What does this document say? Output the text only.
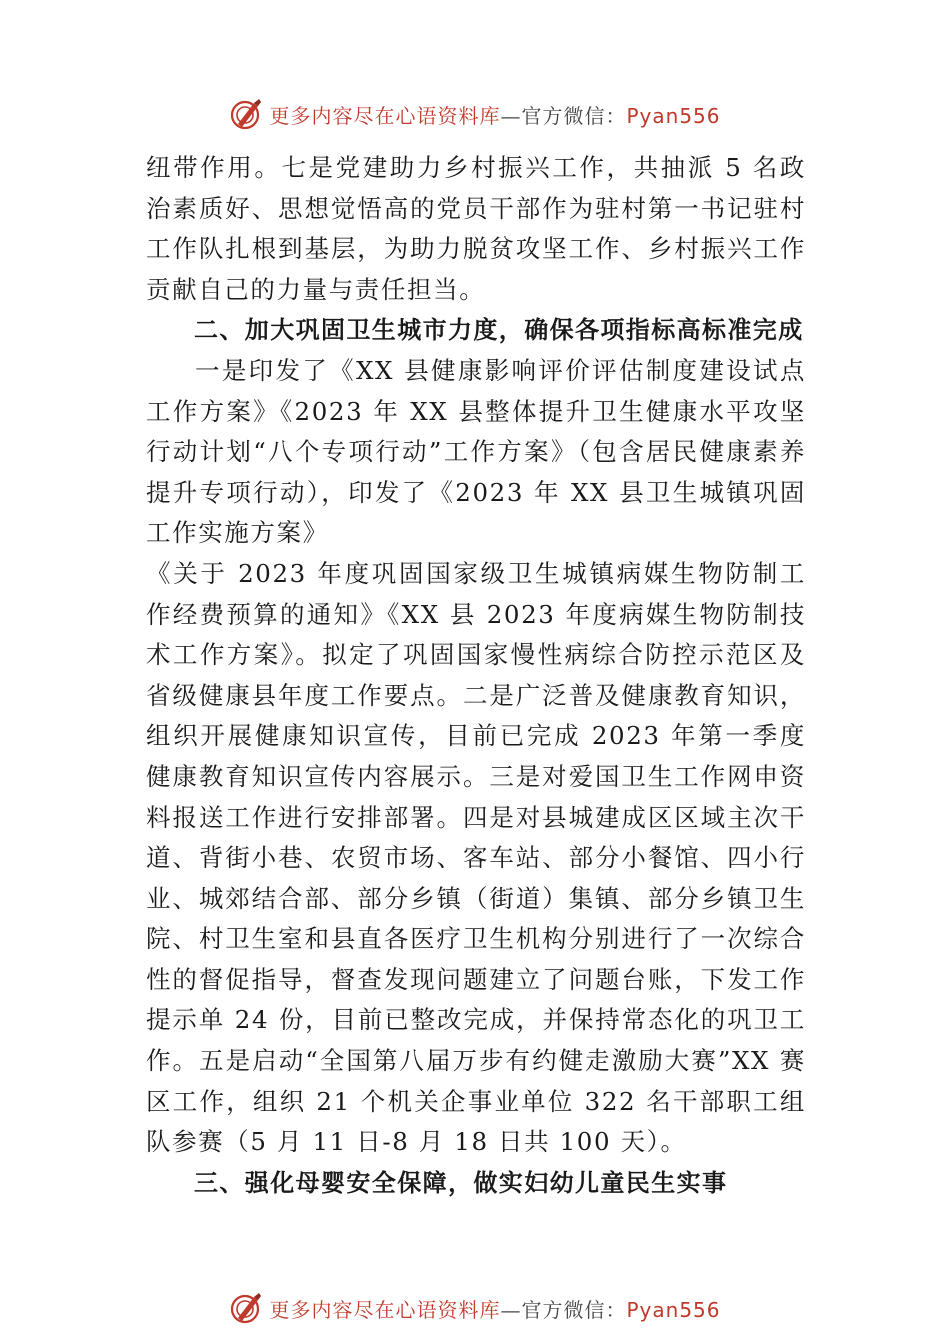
更多内容尽在心语资料库—官方微信：Pyan556

纽带作用。七是党建助力乡村振兴工作，共抽派 5 名政治素质好、思想觉悟高的党员干部作为驻村第一书记驻村工作队扎根到基层，为助力脱贫攻坚工作、乡村振兴工作贡献自己的力量与责任担当。

二、加大巩固卫生城市力度，确保各项指标高标准完成

一是印发了《XX 县健康影响评价评估制度建设试点工作方案》《2023 年 XX 县整体提升卫生健康水平攻坚行动计划“八个专项行动”工作方案》（包含居民健康素养提升专项行动），印发了《2023 年 XX 县卫生城镇巩固工作实施方案》

《关于 2023 年度巩固国家级卫生城镇病媒生物防制工作经费预算的通知》《XX 县 2023 年度病媒生物防制技术工作方案》。拟定了巩固国家慢性病综合防控示范区及省级健康县年度工作要点。二是广泛普及健康教育知识，组织开展健康知识宣传，目前已完成 2023 年第一季度健康教育知识宣传内容展示。三是对爱国卫生工作网申资料报送工作进行安排部署。四是对县城建成区区域主次干道、背街小巷、农贸市场、客车站、部分小餐馆、四小行业、城郊结合部、部分乡镇（街道）集镇、部分乡镇卫生院、村卫生室和县直各医疗卫生机构分别进行了一次综合性的督促指导，督查发现问题建立了问题台账，下发工作提示单 24 份，目前已整改完成，并保持常态化的巩卫工作。五是启动“全国第八届万步有约健走激励大赛”XX 赛区工作，组织 21 个机关企事业单位 322 名干部职工组队参赛（5 月 11 日-8 月 18 日共 100 天）。

三、强化母婴安全保障，做实妇幼儿童民生实事

更多内容尽在心语资料库—官方微信：Pyan556
